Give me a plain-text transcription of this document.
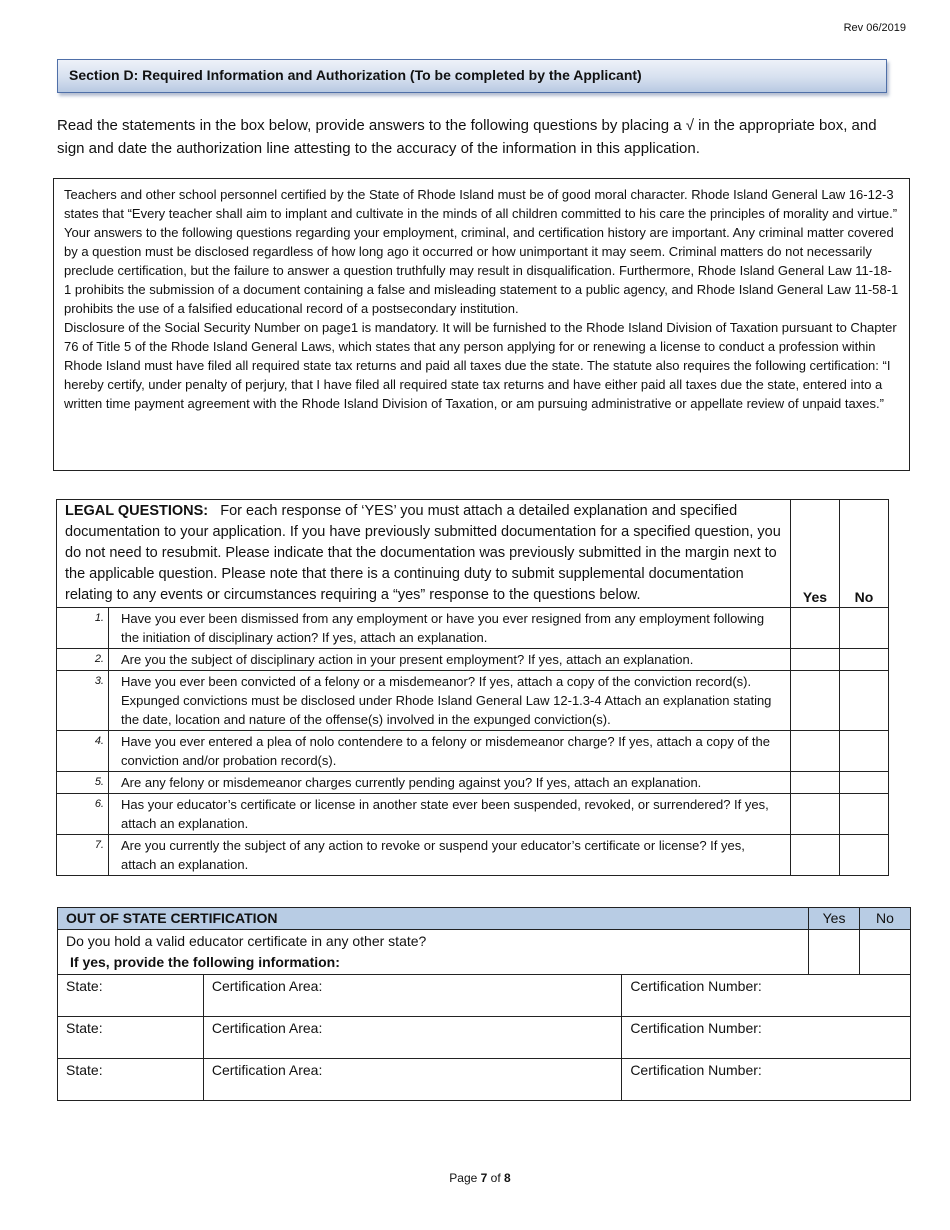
Rev 06/2019
Section D: Required Information and Authorization (To be completed by the Applicant)

Read the statements in the box below, provide answers to the following questions by placing a √ in the appropriate box, and sign and date the authorization line attesting to the accuracy of the information in this application.

Teachers and other school personnel certified by the State of Rhode Island must be of good moral character. Rhode Island General Law 16-12-3 states that “Every teacher shall aim to implant and cultivate in the minds of all children committed to his care the principles of morality and virtue.” Your answers to the following questions regarding your employment, criminal, and certification history are important. Any criminal matter covered by a question must be disclosed regardless of how long ago it occurred or how unimportant it may seem. Criminal matters do not necessarily preclude certification, but the failure to answer a question truthfully may result in disqualification. Furthermore, Rhode Island General Law 11-18-1 prohibits the submission of a document containing a false and misleading statement to a public agency, and Rhode Island General Law 11-58-1 prohibits the use of a falsified educational record of a postsecondary institution.

Disclosure of the Social Security Number on page1 is mandatory. It will be furnished to the Rhode Island Division of Taxation pursuant to Chapter 76 of Title 5 of the Rhode Island General Laws, which states that any person applying for or renewing a license to conduct a profession within Rhode Island must have filed all required state tax returns and paid all taxes due the state. The statute also requires the following certification: “I hereby certify, under penalty of perjury, that I have filed all required state tax returns and have either paid all taxes due the state, entered into a written time payment agreement with the Rhode Island Division of Taxation, or am pursuing administrative or appellate review of unpaid taxes.”

LEGAL QUESTIONS: For each response of ‘YES’ you must attach a detailed explanation and specified documentation to your application. If you have previously submitted documentation for a specified question, you do not need to resubmit. Please indicate that the documentation was previously submitted in the margin next to the applicable question. Please note that there is a continuing duty to submit supplemental documentation relating to any events or circumstances requiring a “yes” response to the questions below.		Yes	No
1.	Have you ever been dismissed from any employment or have you ever resigned from any employment following the initiation of disciplinary action? If yes, attach an explanation.		
2.	Are you the subject of disciplinary action in your present employment? If yes, attach an explanation.		
3.	Have you ever been convicted of a felony or a misdemeanor? If yes, attach a copy of the conviction record(s). Expunged convictions must be disclosed under Rhode Island General Law 12-1.3-4 Attach an explanation stating the date, location and nature of the offense(s) involved in the expunged conviction(s).		
4.	Have you ever entered a plea of nolo contendere to a felony or misdemeanor charge? If yes, attach a copy of the conviction and/or probation record(s).		
5.	Are any felony or misdemeanor charges currently pending against you? If yes, attach an explanation.		
6.	Has your educator’s certificate or license in another state ever been suspended, revoked, or surrendered? If yes, attach an explanation.		
7.	Are you currently the subject of any action to revoke or suspend your educator’s certificate or license? If yes, attach an explanation.		
OUT OF STATE CERTIFICATION			Yes	No

Do you hold a valid educator certificate in any other state?
If yes, provide the following information:				

State:	Certification Area:	Certification Number:		
State:	Certification Area:	Certification Number:		
State:	Certification Area:	Certification Number:		
Page 7 of 8
